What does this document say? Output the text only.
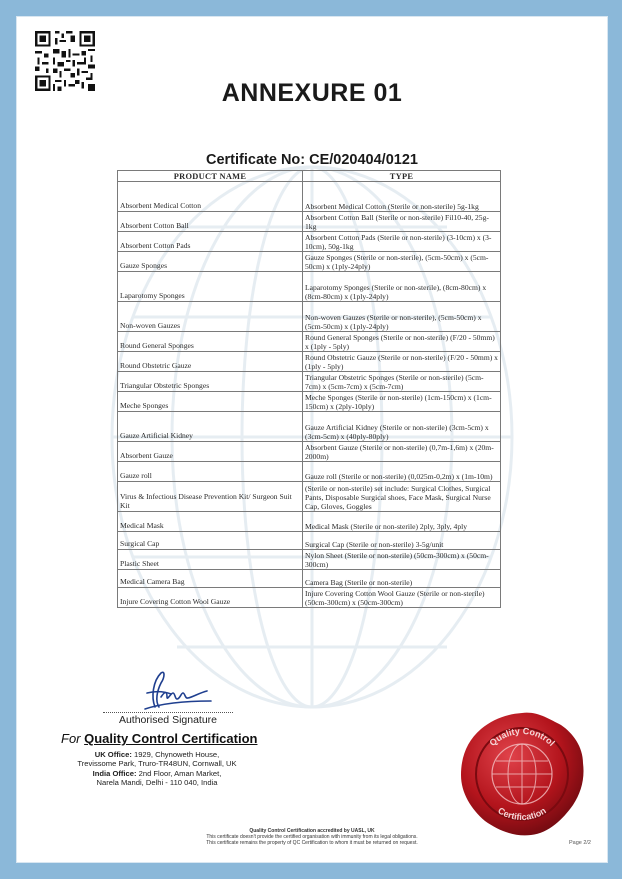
ANNEXURE 01
Certificate No: CE/020404/0121
PRODUCT NAME	TYPE
Absorbent Medical Cotton	Absorbent Medical Cotton (Sterile or non-sterile) 5g-1kg
Absorbent Cotton Ball	Absorbent Cotton Ball (Sterile or non-sterile) Fil10-40, 25g-1kg
Absorbent Cotton Pads	Absorbent Cotton Pads (Sterile or non-sterile) (3-10cm) x (3-10cm), 50g-1kg
Gauze Sponges	Gauze Sponges (Sterile or non-sterile), (5cm-50cm) x (5cm-50cm) x (1ply-24ply)
Laparotomy Sponges	Laparotomy Sponges (Sterile or non-sterile), (8cm-80cm) x (8cm-80cm) x (1ply-24ply)
Non-woven Gauzes	Non-woven Gauzes (Sterile or non-sterile), (5cm-50cm) x (5cm-50cm) x (1ply-24ply)
Round General Sponges	Round General Sponges (Sterile or non-sterile) (F/20 - 50mm) x (1ply - 5ply)
Round Obstetric Gauze	Round Obstetric Gauze (Sterile or non-sterile) (F/20 - 50mm) x (1ply - 5ply)
Triangular Obstetric Sponges	Triangular Obstetric Sponges (Sterile or non-sterile) (5cm-7cm) x (5cm-7cm) x (5cm-7cm)
Meche Sponges	Meche Sponges (Sterile or non-sterile) (1cm-150cm) x (1cm-150cm) x (2ply-10ply)
Gauze Artificial Kidney	Gauze Artificial Kidney (Sterile or non-sterile) (3cm-5cm) x (3cm-5cm) x (40ply-80ply)
Absorbent Gauze	Absorbent Gauze (Sterile or non-sterile) (0,7m-1,6m) x (20m-2000m)
Gauze roll	Gauze roll (Sterile or non-sterile) (0,025m-0,2m) x (1m-10m)
Virus & Infectious Disease Prevention Kit/ Surgeon Suit Kit	(Sterile or non-sterile) set include: Surgical Clothes, Surgical Pants, Disposable Surgical shoes, Face Mask, Surgical Nurse Cap, Gloves, Goggles
Medical Mask	Medical Mask (Sterile or non-sterile) 2ply, 3ply, 4ply
Surgical Cap	Surgical Cap (Sterile or non-sterile) 3-5g/unit
Plastic Sheet	Nylon Sheet (Sterile or non-sterile) (50cm-300cm) x (50cm-300cm)
Medical Camera Bag	Camera Bag (Sterile or non-sterile)
Injure Covering Cotton Wool Gauze	Injure Covering Cotton Wool Gauze (Sterile or non-sterile) (50cm-300cm) x (50cm-300cm)
Authorised Signature
For Quality Control Certification
UK Office: 1929, Chynoweth House,
Trevissome Park, Truro-TR48UN, Cornwall, UK
India Office: 2nd Floor, Aman Market,
Narela Mandi, Delhi - 110 040, India
Quality Control
Certification
Quality Control Certification accredited by UASL, UK
This certificate doesn't provide the certified organisation with immunity from its legal obligations.
This certificate remains the property of QC Certification to whom it must be returned on request.	Page 2/2
